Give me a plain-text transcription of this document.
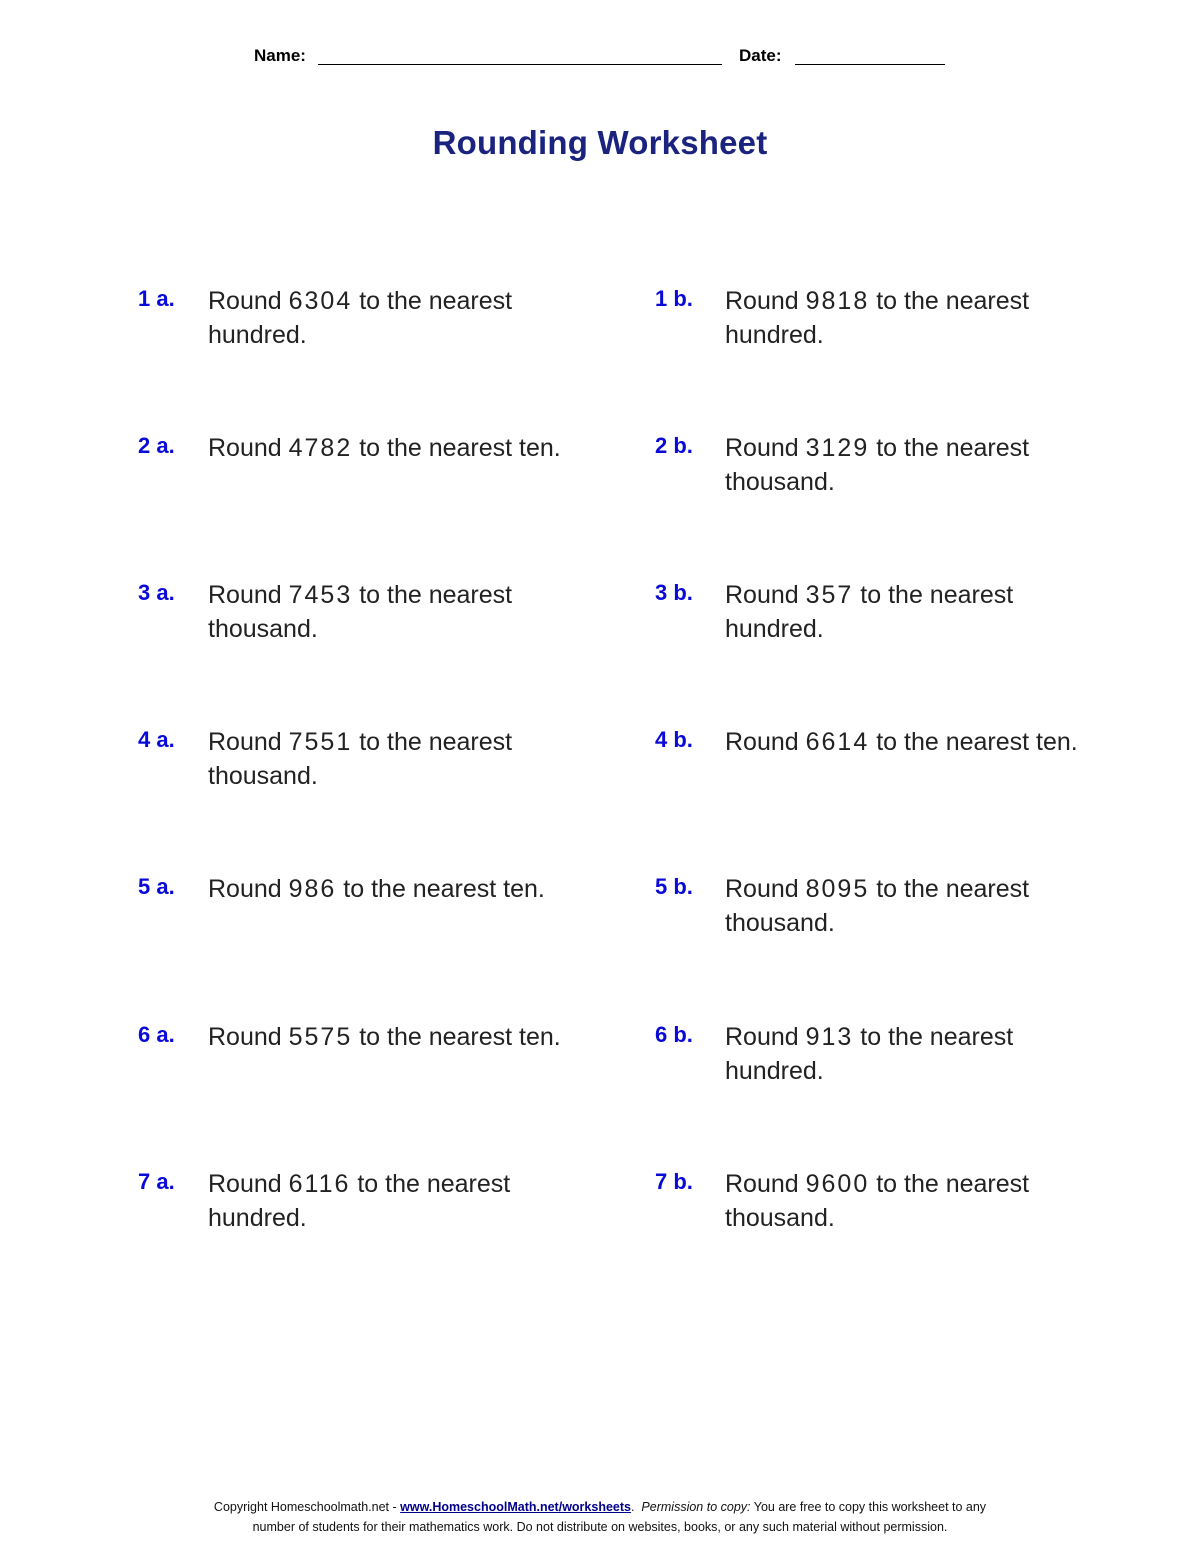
Name:	Date:
Rounding Worksheet
1 a. Round 6304 to the nearest hundred.
1 b. Round 9818 to the nearest hundred.
2 a. Round 4782 to the nearest ten.	2 b. Round 3129 to the nearest thousand.
3 a. Round 7453 to the nearest thousand.
3 b. Round 357 to the nearest hundred.
4 a. Round 7551 to the nearest thousand.
4 b. Round 6614 to the nearest ten.
5 a. Round 986 to the nearest ten.	5 b. Round 8095 to the nearest thousand.
6 a. Round 5575 to the nearest ten.	6 b. Round 913 to the nearest hundred.
7 a. Round 6116 to the nearest hundred.
7 b. Round 9600 to the nearest thousand.
Copyright Homeschoolmath.net - www.HomeschoolMath.net/worksheets. Permission to copy: You are free to copy this worksheet to any
number of students for their mathematics work. Do not distribute on websites, books, or any such material without permission.
